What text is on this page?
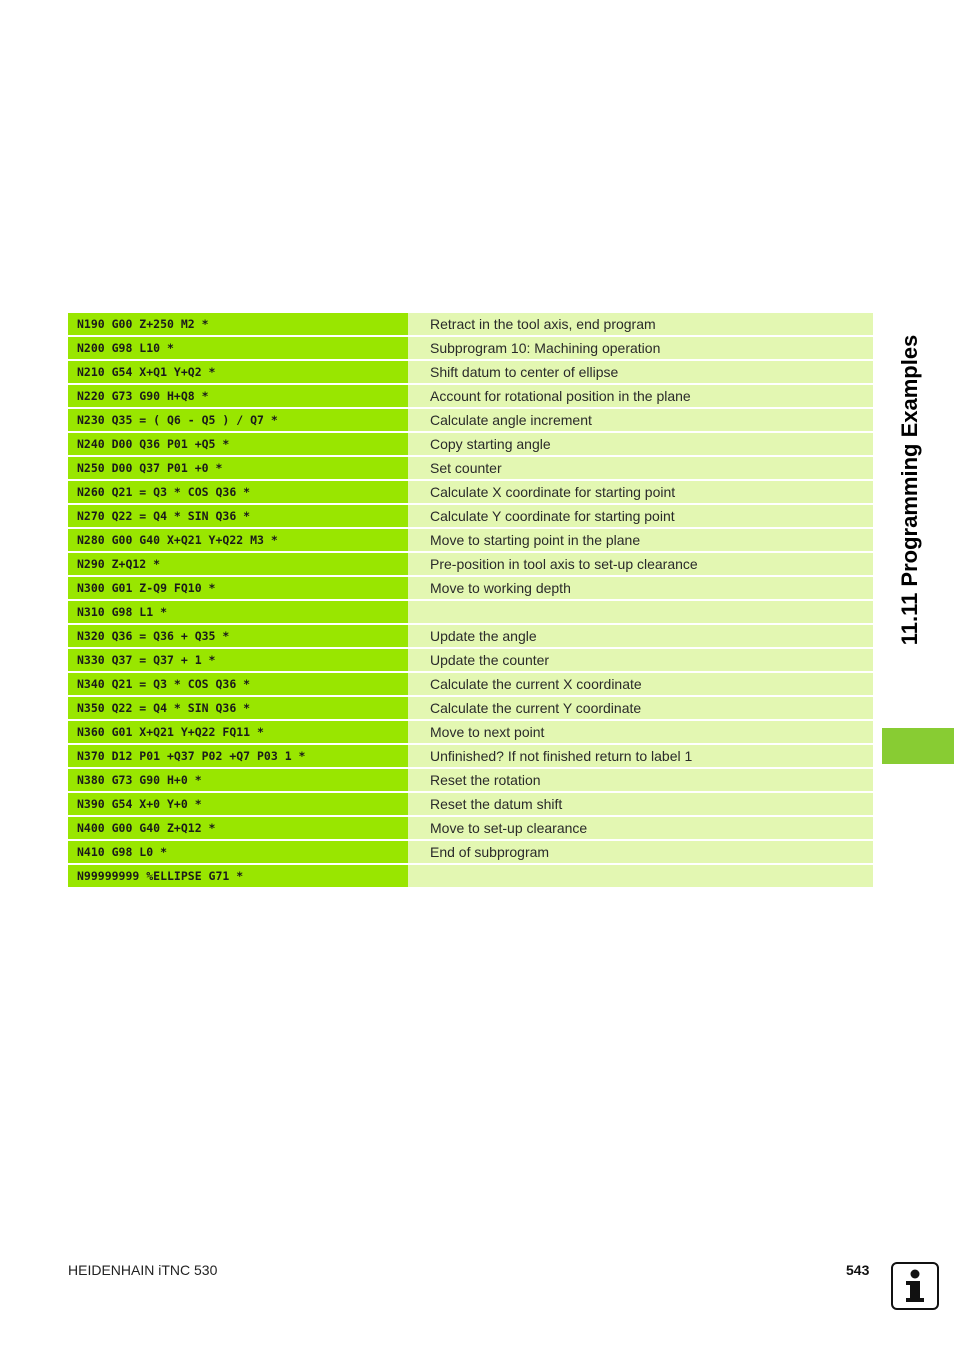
N190 G00 Z+250 M2 *	Retract in the tool axis, end program
N200 G98 L10 *	Subprogram 10: Machining operation
N210 G54 X+Q1 Y+Q2 *	Shift datum to center of ellipse
N220 G73 G90 H+Q8 *	Account for rotational position in the plane
N230 Q35 = ( Q6 - Q5 ) / Q7 *	Calculate angle increment
N240 D00 Q36 P01 +Q5 *	Copy starting angle
N250 D00 Q37 P01 +0 *	Set counter
N260 Q21 = Q3 * COS Q36 *	Calculate X coordinate for starting point
N270 Q22 = Q4 * SIN Q36 *	Calculate Y coordinate for starting point
N280 G00 G40 X+Q21 Y+Q22 M3 *	Move to starting point in the plane
N290 Z+Q12 *	Pre-position in tool axis to set-up clearance
N300 G01 Z-Q9 FQ10 *	Move to working depth
N310 G98 L1 *
N320 Q36 = Q36 + Q35 *	Update the angle
N330 Q37 = Q37 + 1 *	Update the counter
N340 Q21 = Q3 * COS Q36 *	Calculate the current X coordinate
N350 Q22 = Q4 * SIN Q36 *	Calculate the current Y coordinate
N360 G01 X+Q21 Y+Q22 FQ11 *	Move to next point
N370 D12 P01 +Q37 P02 +Q7 P03 1 *	Unfinished? If not finished return to label 1
N380 G73 G90 H+0 *	Reset the rotation
N390 G54 X+0 Y+0 *	Reset the datum shift
N400 G00 G40 Z+Q12 *	Move to set-up clearance
N410 G98 L0 *	End of subprogram
N99999999 %ELLIPSE G71 *
11.11 Programming Examples
HEIDENHAIN iTNC 530	543
